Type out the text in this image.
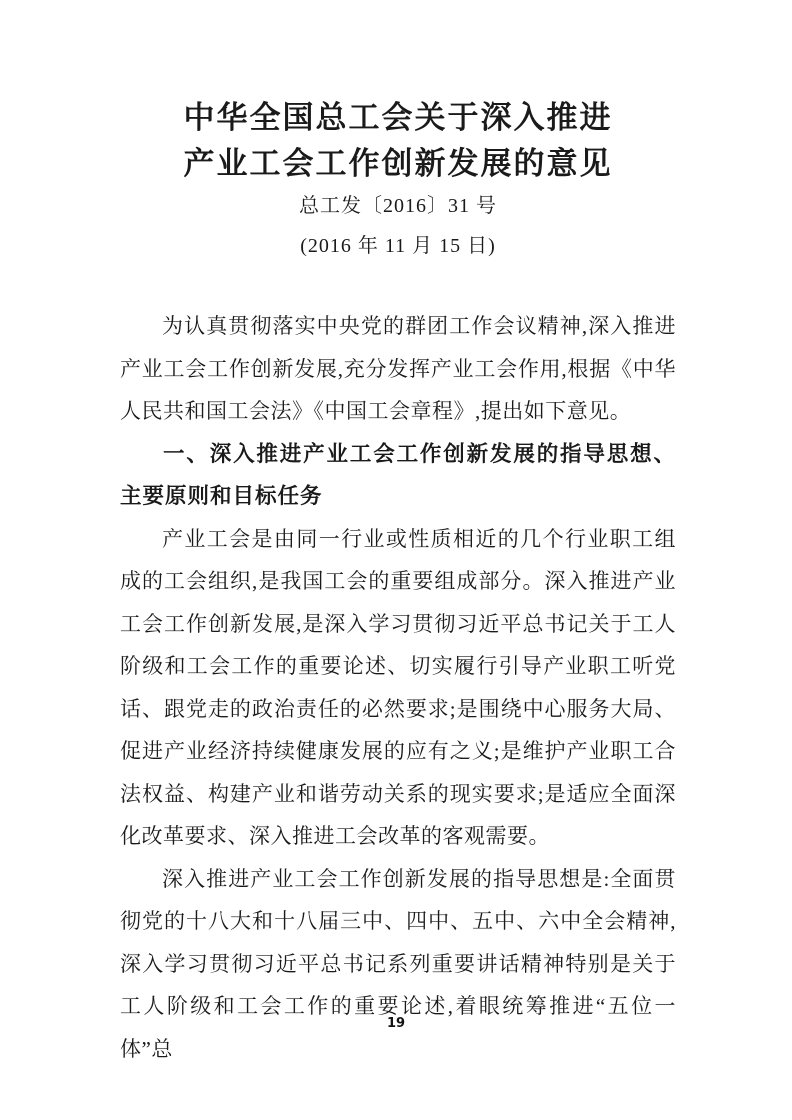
中华全国总工会关于深入推进
产业工会工作创新发展的意见
总工发〔2016〕31 号
(2016 年 11 月 15 日)

为认真贯彻落实中央党的群团工作会议精神,深入推进产业工会工作创新发展,充分发挥产业工会作用,根据《中华人民共和国工会法》《中国工会章程》,提出如下意见。

一、深入推进产业工会工作创新发展的指导思想、主要原则和目标任务

产业工会是由同一行业或性质相近的几个行业职工组成的工会组织,是我国工会的重要组成部分。深入推进产业工会工作创新发展,是深入学习贯彻习近平总书记关于工人阶级和工会工作的重要论述、切实履行引导产业职工听党话、跟党走的政治责任的必然要求;是围绕中心服务大局、促进产业经济持续健康发展的应有之义;是维护产业职工合法权益、构建产业和谐劳动关系的现实要求;是适应全面深化改革要求、深入推进工会改革的客观需要。

深入推进产业工会工作创新发展的指导思想是:全面贯彻党的十八大和十八届三中、四中、五中、六中全会精神,深入学习贯彻习近平总书记系列重要讲话精神特别是关于工人阶级和工会工作的重要论述,着眼统筹推进“五位一体”总

19
